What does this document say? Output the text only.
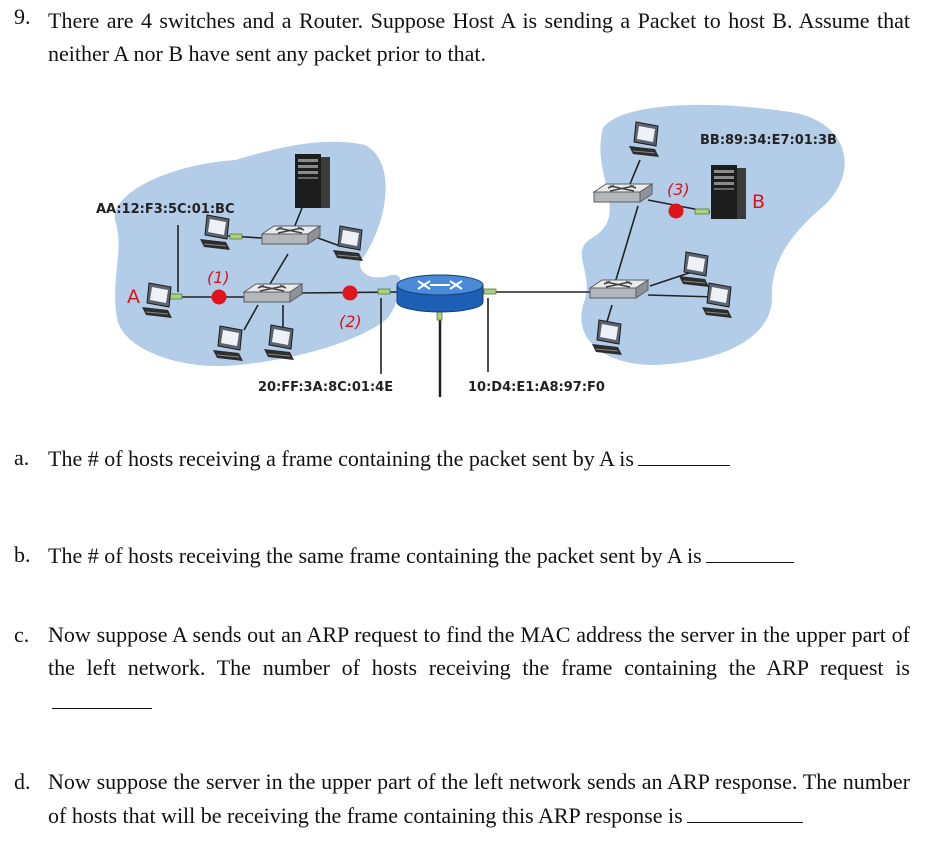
9. There are 4 switches and a Router. Suppose Host A is sending a Packet to host B. Assume that neither A nor B have sent any packet prior to that.
AA:12:F3:5C:01:BC
BB:89:34:E7:01:3B
20:FF:3A:8C:01:4E	10:D4:E1:A8:97:F0
A
B
(1)
(2)
(3)
a. The # of hosts receiving a frame containing the packet sent by A is
b. The # of hosts receiving the same frame containing the packet sent by A is
c. Now suppose A sends out an ARP request to find the MAC address the server in the upper part of the left network. The number of hosts receiving the frame containing the ARP request is
d. Now suppose the server in the upper part of the left network sends an ARP response. The number of hosts that will be receiving the frame containing this ARP response is
